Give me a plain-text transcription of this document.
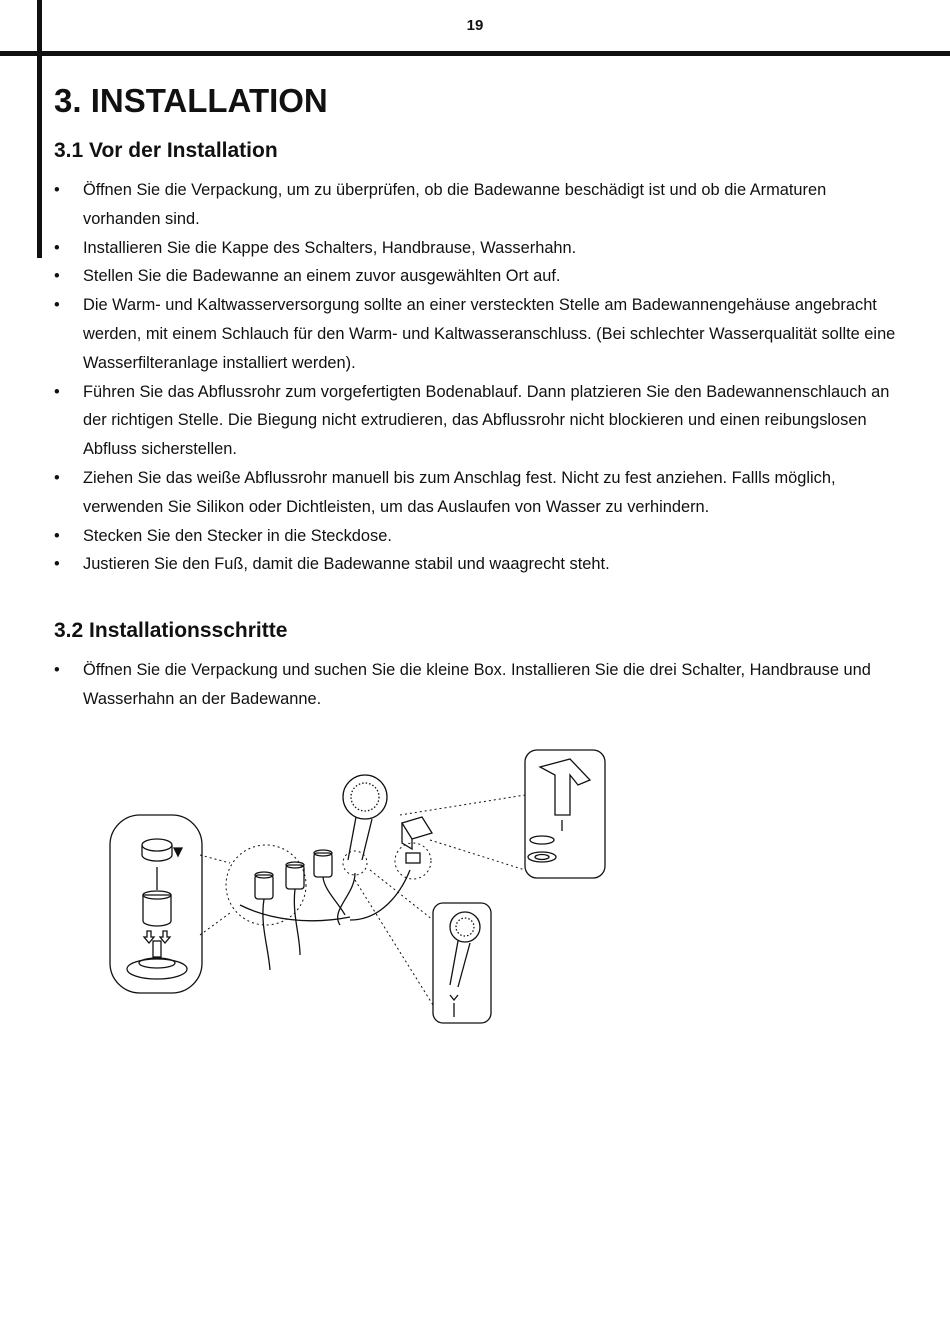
19
3. INSTALLATION
3.1 Vor der Installation
•	Öffnen Sie die Verpackung, um zu überprüfen, ob die Badewanne beschädigt ist und ob die Armaturen vorhanden sind.
•	Installieren Sie die Kappe des Schalters, Handbrause, Wasserhahn.
•	Stellen Sie die Badewanne an einem zuvor ausgewählten Ort auf.
•	Die Warm- und Kaltwasserversorgung sollte an einer versteckten Stelle am Badewannengehäuse angebracht werden, mit einem Schlauch für den Warm- und Kaltwasseranschluss. (Bei schlechter Wasserqualität sollte eine Wasserfilteranlage installiert werden).
•	Führen Sie das Abflussrohr zum vorgefertigten Bodenablauf. Dann platzieren Sie den Badewannenschlauch an der richtigen Stelle. Die Biegung nicht extrudieren, das Abflussrohr nicht blockieren und einen reibungslosen Abfluss sicherstellen.
•	Ziehen Sie das weiße Abflussrohr manuell bis zum Anschlag fest. Nicht zu fest anziehen. Fallls möglich, verwenden Sie Silikon oder Dichtleisten, um das Auslaufen von Wasser zu verhindern.
•	Stecken Sie den Stecker in die Steckdose.
•	Justieren Sie den Fuß, damit die Badewanne stabil und waagrecht steht.
3.2 Installationsschritte
•	Öffnen Sie die Verpackung und suchen Sie die kleine Box. Installieren Sie die drei Schalter, Handbrause und Wasserhahn an der Badewanne.
